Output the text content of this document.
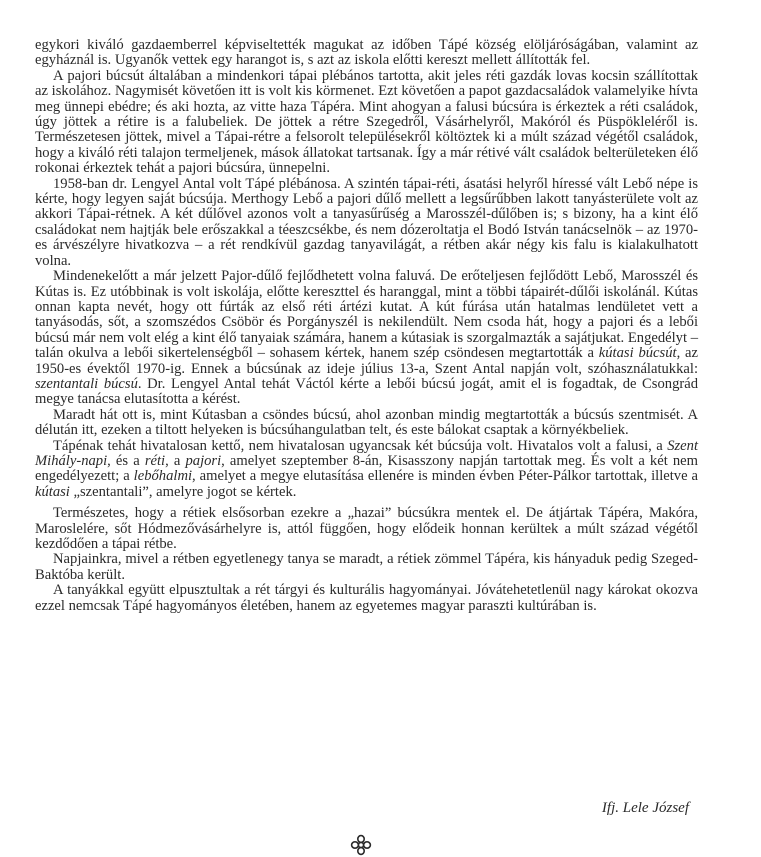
egykori kiváló gazdaemberrel képviseltették magukat az időben Tápé község elöljáróságában, valamint az egyháznál is. Ugyanők vettek egy harangot is, s azt az iskola előtti kereszt mellett állították fel.

A pajori búcsút általában a mindenkori tápai plébános tartotta, akit jeles réti gazdák lovas kocsin szállítottak az iskolához. Nagymisét követően itt is volt kis körmenet. Ezt követően a papot gazdacsaládok valamelyike hívta meg ünnepi ebédre; és aki hozta, az vitte haza Tápéra. Mint ahogyan a falusi búcsúra is érkeztek a réti családok, úgy jöttek a rétire is a falubeliek. De jöttek a rétre Szegedről, Vásárhelyről, Makóról és Püspökleléről is. Természetesen jöttek, mivel a Tápai-rétre a felsorolt településekről költöztek ki a múlt század végétől családok, hogy a kiváló réti talajon termeljenek, mások állatokat tartsanak. Így a már rétivé vált családok belterületeken élő rokonai érkeztek tehát a pajori búcsúra, ünnepelni.

1958-ban dr. Lengyel Antal volt Tápé plébánosa. A szintén tápai-réti, ásatási helyről híressé vált Lebő népe is kérte, hogy legyen saját búcsúja. Merthogy Lebő a pajori dűlő mellett a legsűrűbben lakott tanyásterülete volt az akkori Tápai-rétnek. A két dűlővel azonos volt a tanyasűrűség a Marosszél-dűlőben is; s bizony, ha a kint élő családokat nem hajtják bele erőszakkal a téeszcsékbe, és nem dózeroltatja el Bodó István tanácselnök – az 1970-es árvészélyre hivatkozva – a rét rendkívül gazdag tanyavilágát, a rétben akár négy kis falu is kialakulhatott volna.

Mindenekelőtt a már jelzett Pajor-dűlő fejlődhetett volna faluvá. De erőteljesen fejlődött Lebő, Marosszél és Kútas is. Ez utóbbinak is volt iskolája, előtte kereszttel és haranggal, mint a többi tápairét-dűlői iskolánál. Kútas onnan kapta nevét, hogy ott fúrták az első réti ártézi kutat. A kút fúrása után hatalmas lendületet vett a tanyásodás, sőt, a szomszédos Csöbör és Porgányszél is nekilendült. Nem csoda hát, hogy a pajori és a lebői búcsú már nem volt elég a kint élő tanyaiak számára, hanem a kútasiak is szorgalmazták a sajátjukat. Engedélyt – talán okulva a lebői sikertelenségből – sohasem kértek, hanem szép csöndesen megtartották a kútasi búcsút, az 1950-es évektől 1970-ig. Ennek a búcsúnak az ideje július 13-a, Szent Antal napján volt, szóhasználatukkal: szentantali búcsú. Dr. Lengyel Antal tehát Váctól kérte a lebői búcsú jogát, amit el is fogadtak, de Csongrád megye tanácsa elutasította a kérést.

Maradt hát ott is, mint Kútasban a csöndes búcsú, ahol azonban mindig megtartották a búcsús szentmisét. A délután itt, ezeken a tiltott helyeken is búcsúhangulatban telt, és este bálokat csaptak a környékbeliek.

Tápénak tehát hivatalosan kettő, nem hivatalosan ugyancsak két búcsúja volt. Hivatalos volt a falusi, a Szent Mihály-napi, és a réti, a pajori, amelyet szeptember 8-án, Kisasszony napján tartottak meg. És volt a két nem engedélyezett; a lebőhalmi, amelyet a megye elutasítása ellenére is minden évben Péter-Pálkor tartottak, illetve a kútasi „szentantali”, amelyre jogot se kértek.

Természetes, hogy a rétiek elsősorban ezekre a „hazai” búcsúkra mentek el. De átjártak Tápéra, Makóra, Maroslelére, sőt Hódmezővásárhelyre is, attól függően, hogy elődeik honnan kerültek a múlt század végétől kezdődően a tápai rétbe.

Napjainkra, mivel a rétben egyetlenegy tanya se maradt, a rétiek zömmel Tápéra, kis hányaduk pedig Szeged-Baktóba került.

A tanyákkal együtt elpusztultak a rét tárgyi és kulturális hagyományai. Jóvátehetetlenül nagy károkat okozva ezzel nemcsak Tápé hagyományos életében, hanem az egyetemes magyar paraszti kultúrában is.

Ifj. Lele József
